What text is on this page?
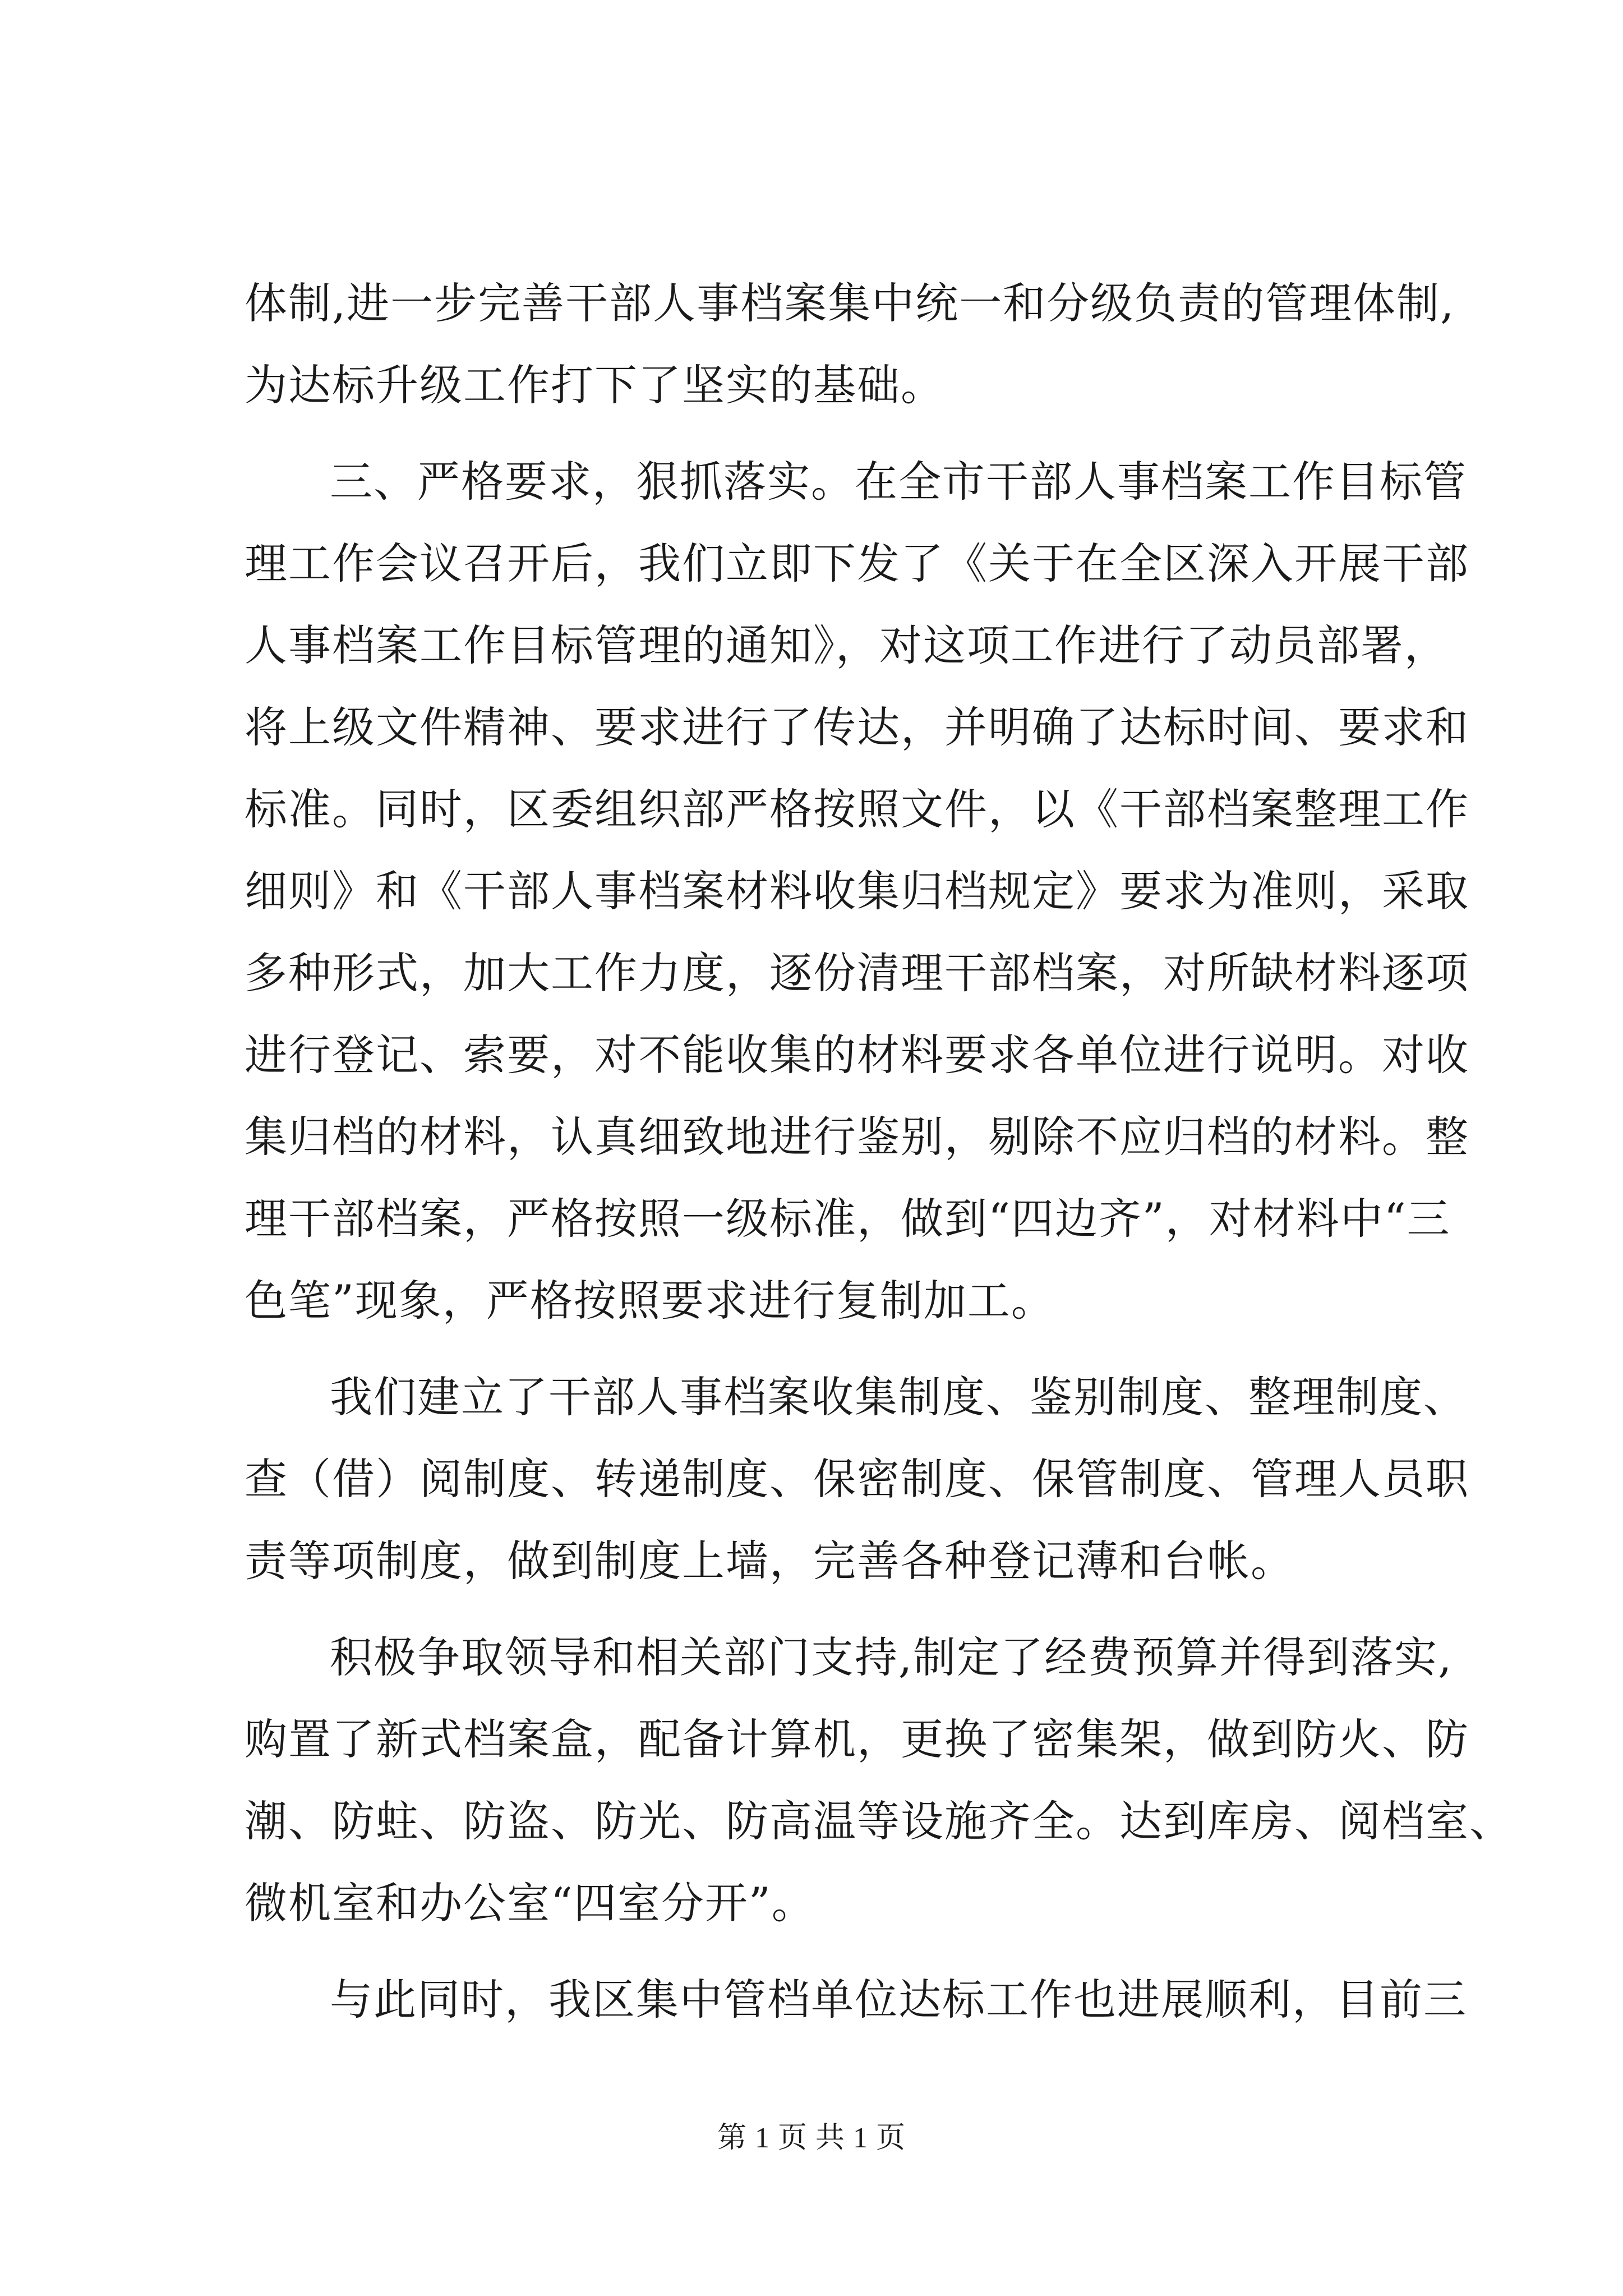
体制,进一步完善干部人事档案集中统一和分级负责的管理体制,
为达标升级工作打下了坚实的基础。
三、严格要求，狠抓落实。在全市干部人事档案工作目标管
理工作会议召开后，我们立即下发了《关于在全区深入开展干部
人事档案工作目标管理的通知》，对这项工作进行了动员部署，
将上级文件精神、要求进行了传达，并明确了达标时间、要求和
标准。同时，区委组织部严格按照文件，以《干部档案整理工作
细则》和《干部人事档案材料收集归档规定》要求为准则，采取
多种形式，加大工作力度，逐份清理干部档案，对所缺材料逐项
进行登记、索要，对不能收集的材料要求各单位进行说明。对收
集归档的材料，认真细致地进行鉴别，剔除不应归档的材料。整
理干部档案，严格按照一级标准，做到“四边齐”，对材料中“三
色笔”现象，严格按照要求进行复制加工。
我们建立了干部人事档案收集制度、鉴别制度、整理制度、
查（借）阅制度、转递制度、保密制度、保管制度、管理人员职
责等项制度，做到制度上墙，完善各种登记薄和台帐。
积极争取领导和相关部门支持,制定了经费预算并得到落实,
购置了新式档案盒，配备计算机，更换了密集架，做到防火、防
潮、防蛀、防盗、防光、防高温等设施齐全。达到库房、阅档室、
微机室和办公室“四室分开”。
与此同时，我区集中管档单位达标工作也进展顺利，目前三
第 1 页 共 1 页
